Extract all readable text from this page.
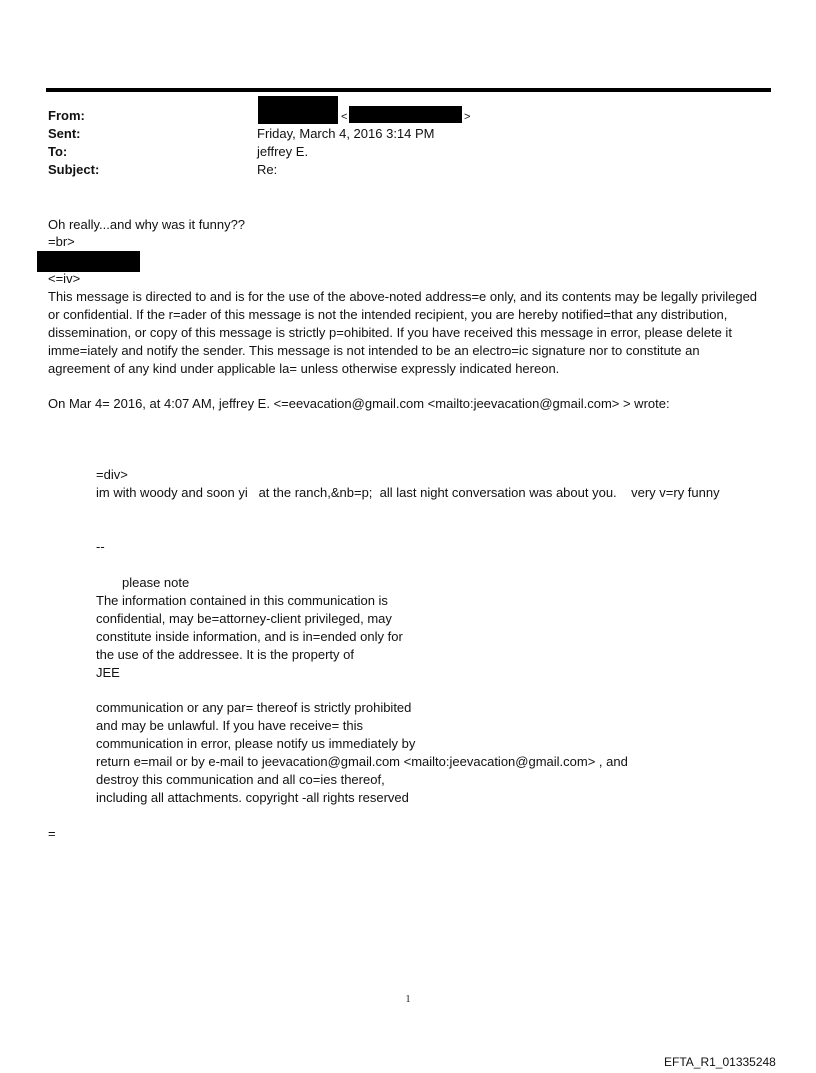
From:
Sent:
To:
Subject:
<	>
Friday, March 4, 2016 3:14 PM
jeffrey E.
Re:
Oh really...and why was it funny??
=br>
<=iv>
This message is directed to and is for the use of the above-noted address=e only, and its contents may be legally privileged or confidential. If the r=ader of this message is not the intended recipient, you are hereby notified=that any distribution, dissemination, or copy of this message is strictly p=ohibited. If you have received this message in error, please delete it imme=iately and notify the sender. This message is not intended to be an electro=ic signature nor to constitute an agreement of any kind under applicable la= unless otherwise expressly indicated hereon.
On Mar 4= 2016, at 4:07 AM, jeffrey E. <=eevacation@gmail.com <mailto:jeevacation@gmail.com> > wrote:
=div>
im with woody and soon yi   at the ranch,&nb=p;  all last night conversation was about you.    very v=ry funny
--
please note
The information contained in this communication is
confidential, may be=attorney-client privileged, may
constitute inside information, and is in=ended only for
the use of the addressee. It is the property of
JEE
communication or any par= thereof is strictly prohibited
and may be unlawful. If you have receive= this
communication in error, please notify us immediately by
return e=mail or by e-mail to jeevacation@gmail.com <mailto:jeevacation@gmail.com> , and
destroy this communication and all co=ies thereof,
including all attachments. copyright -all rights reserved
=
1
EFTA_R1_01335248
